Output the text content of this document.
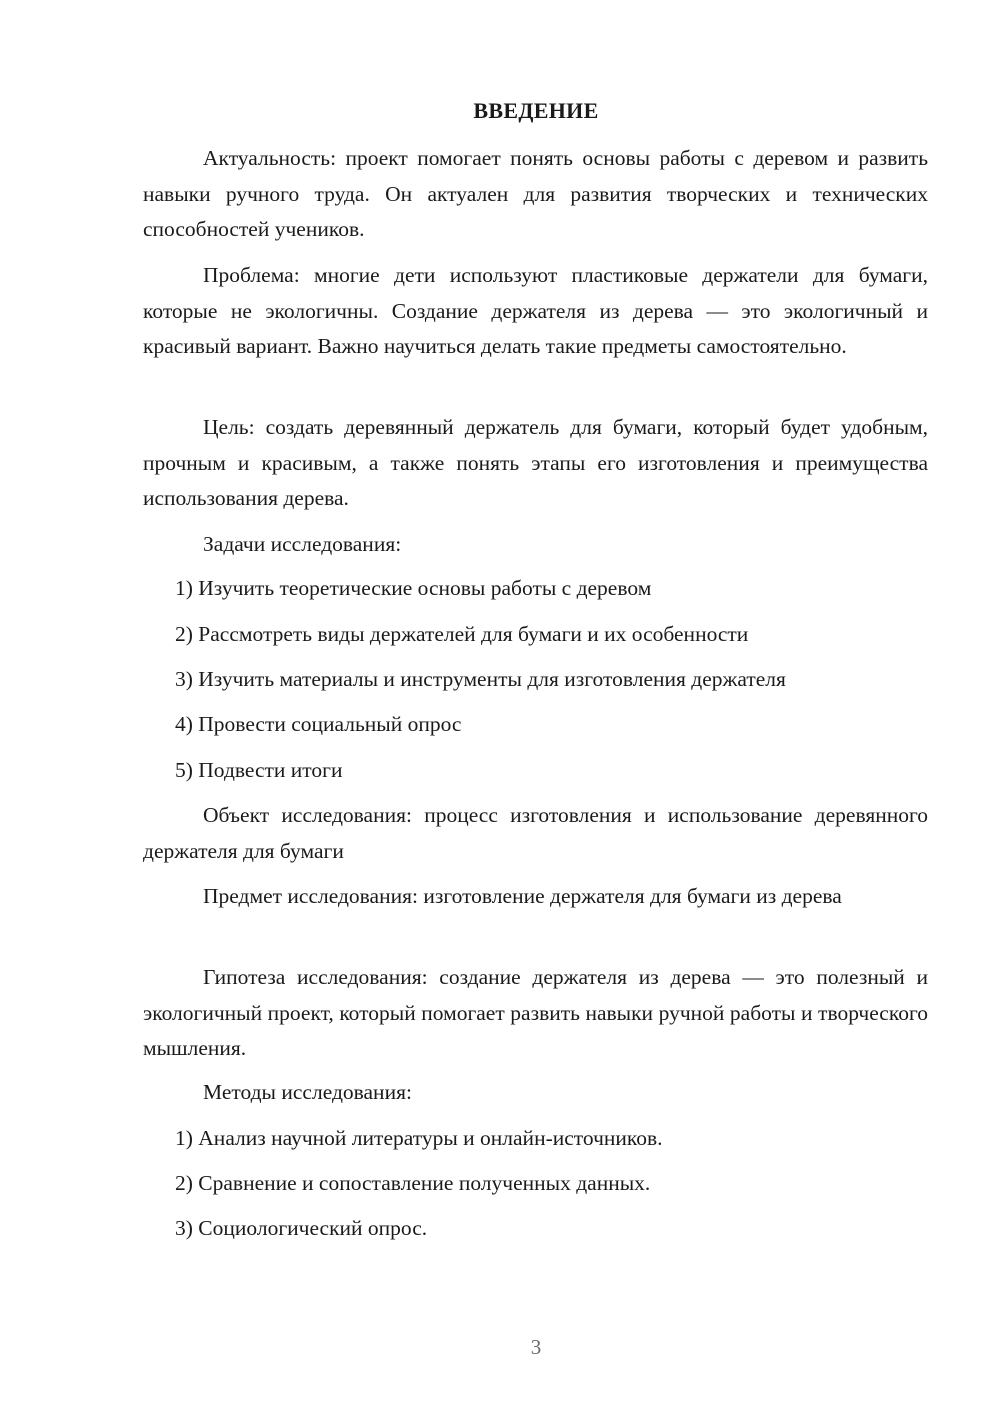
ВВЕДЕНИЕ

Актуальность: проект помогает понять основы работы с деревом и развить навыки ручного труда. Он актуален для развития творческих и технических способностей учеников.

Проблема: многие дети используют пластиковые держатели для бумаги, которые не экологичны. Создание держателя из дерева — это экологичный и красивый вариант. Важно научиться делать такие предметы самостоятельно.

Цель: создать деревянный держатель для бумаги, который будет удобным, прочным и красивым, а также понять этапы его изготовления и преимущества использования дерева.

Задачи исследования:

1) Изучить теоретические основы работы с деревом

2) Рассмотреть виды держателей для бумаги и их особенности

3) Изучить материалы и инструменты для изготовления держателя

4) Провести социальный опрос

5) Подвести итоги

Объект исследования: процесс изготовления и использование деревянного держателя для бумаги

Предмет исследования: изготовление держателя для бумаги из дерева

Гипотеза исследования: создание держателя из дерева — это полезный и экологичный проект, который помогает развить навыки ручной работы и творческого мышления.

Методы исследования:

1) Анализ научной литературы и онлайн-источников.

2) Сравнение и сопоставление полученных данных.

3) Социологический опрос.

3
